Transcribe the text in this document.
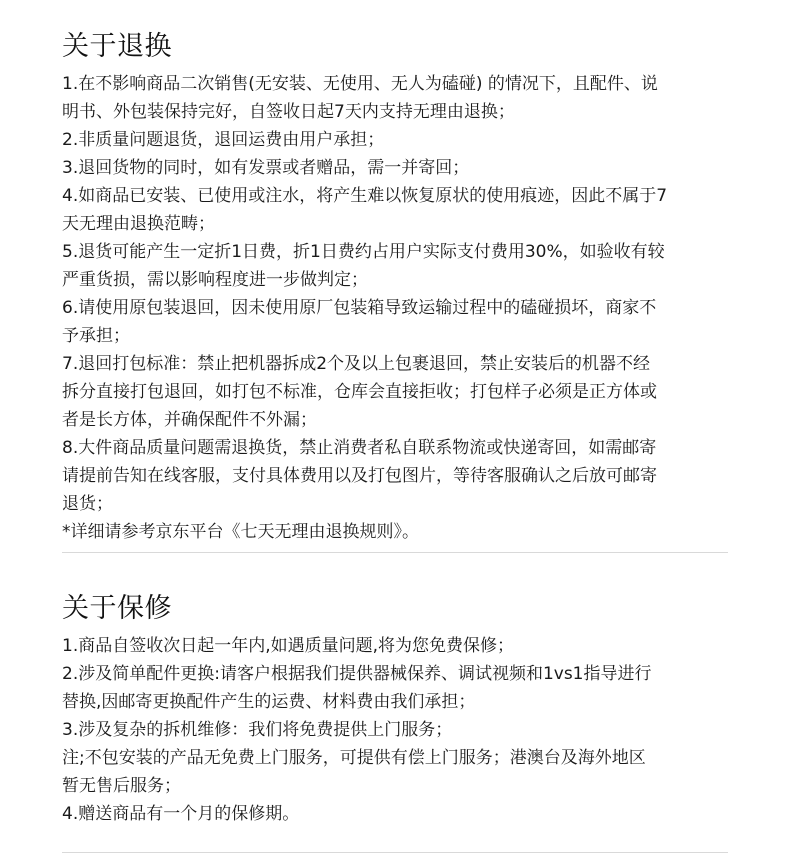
关于退换
1.在不影响商品二次销售(无安装、无使用、无人为磕碰) 的情况下，且配件、说
明书、外包装保持完好，自签收日起7天内支持无理由退换；
2.非质量问题退货，退回运费由用户承担；
3.退回货物的同时，如有发票或者赠品，需一并寄回；
4.如商品已安装、已使用或注水，将产生难以恢复原状的使用痕迹，因此不属于7
天无理由退换范畴；
5.退货可能产生一定折1日费，折1日费约占用户实际支付费用30%，如验收有较
严重货损，需以影响程度进一步做判定；
6.请使用原包装退回，因未使用原厂包装箱导致运输过程中的磕碰损坏，商家不
予承担；
7.退回打包标准：禁止把机器拆成2个及以上包裹退回，禁止安装后的机器不经
拆分直接打包退回，如打包不标准，仓库会直接拒收；打包样子必须是正方体或
者是长方体，并确保配件不外漏；
8.大件商品质量问题需退换货，禁止消费者私自联系物流或快递寄回，如需邮寄
请提前告知在线客服，支付具体费用以及打包图片，等待客服确认之后放可邮寄
退货；
*详细请参考京东平台《七天无理由退换规则》。
关于保修
1.商品自签收次日起一年内,如遇质量问题,将为您免费保修；
2.涉及简单配件更换:请客户根据我们提供器械保养、调试视频和1vs1指导进行
替换,因邮寄更换配件产生的运费、材料费由我们承担；
3.涉及复杂的拆机维修：我们将免费提供上门服务；
注;不包安装的产品无免费上门服务，可提供有偿上门服务；港澳台及海外地区
暂无售后服务；
4.赠送商品有一个月的保修期。
